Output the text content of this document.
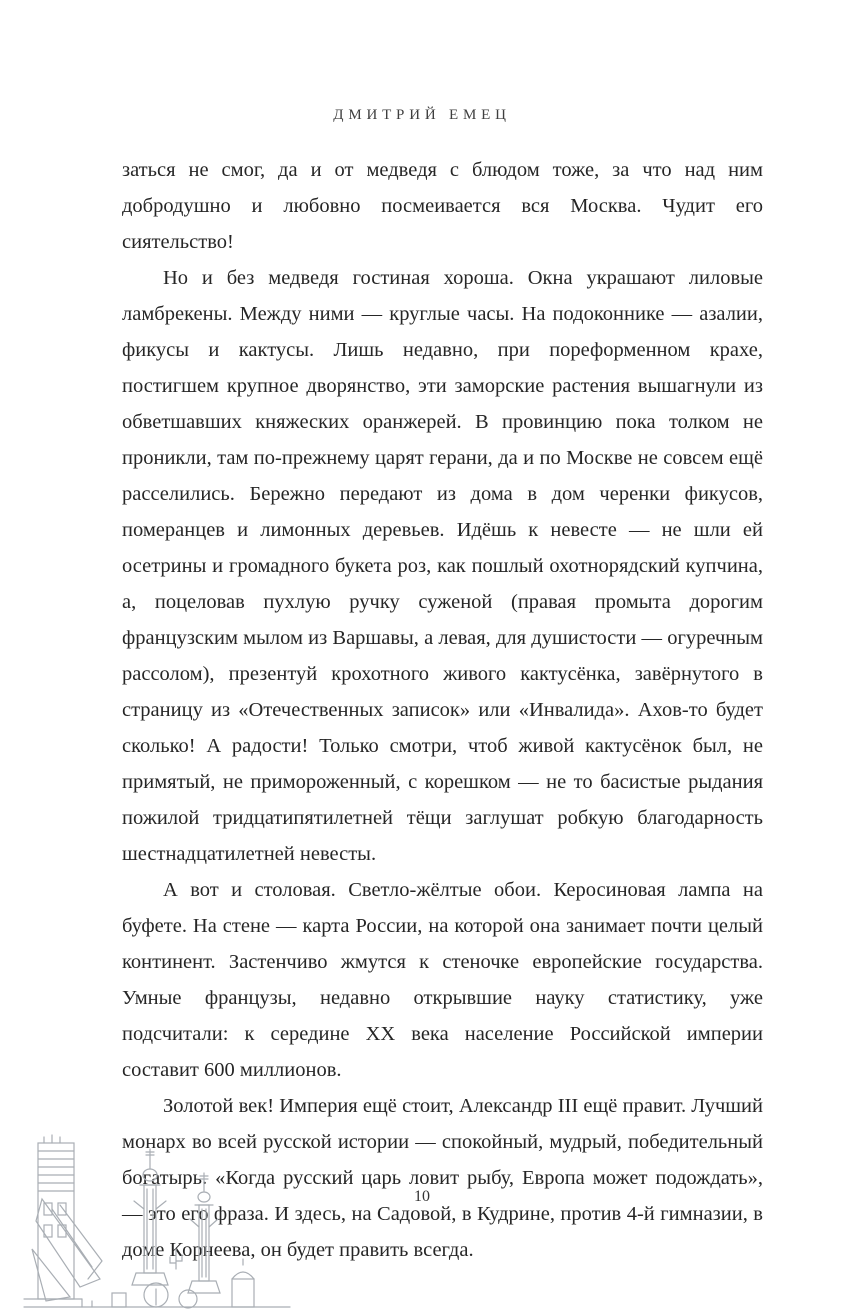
ДМИТРИЙ ЕМЕЦ

заться не смог, да и от медведя с блюдом тоже, за что над ним добродушно и любовно посмеивается вся Москва. Чудит его сиятельство!

Но и без медведя гостиная хороша. Окна украшают лиловые ламбрекены. Между ними — круглые часы. На подоконнике — азалии, фикусы и кактусы. Лишь недавно, при пореформенном крахе, постигшем крупное дворянство, эти заморские растения вышагнули из обветшавших княжеских оранжерей. В провинцию пока толком не проникли, там по-прежнему царят герани, да и по Москве не совсем ещё расселились. Бережно передают из дома в дом черенки фикусов, померанцев и лимонных деревьев. Идёшь к невесте — не шли ей осетрины и громадного букета роз, как пошлый охотнорядский купчина, а, поцеловав пухлую ручку суженой (правая промыта дорогим французским мылом из Варшавы, а левая, для душистости — огуречным рассолом), презентуй крохотного живого кактусёнка, завёрнутого в страницу из «Отечественных записок» или «Инвалида». Ахов-то будет сколько! А радости! Только смотри, чтоб живой кактусёнок был, не примятый, не примороженный, с корешком — не то басистые рыдания пожилой тридцатипятилетней тёщи заглушат робкую благодарность шестнадцатилетней невесты.

А вот и столовая. Светло-жёлтые обои. Керосиновая лампа на буфете. На стене — карта России, на которой она занимает почти целый континент. Застенчиво жмутся к стеночке европейские государства. Умные французы, недавно открывшие науку статистику, уже подсчитали: к середине XX века население Российской империи составит 600 миллионов.

Золотой век! Империя ещё стоит, Александр III ещё правит. Лучший монарх во всей русской истории — спокойный, мудрый, победительный богатырь. «Когда русский царь ловит рыбу, Европа может подождать», — это его фраза. И здесь, на Садовой, в Кудрине, против 4-й гимназии, в доме Корнеева, он будет править всегда.

10
